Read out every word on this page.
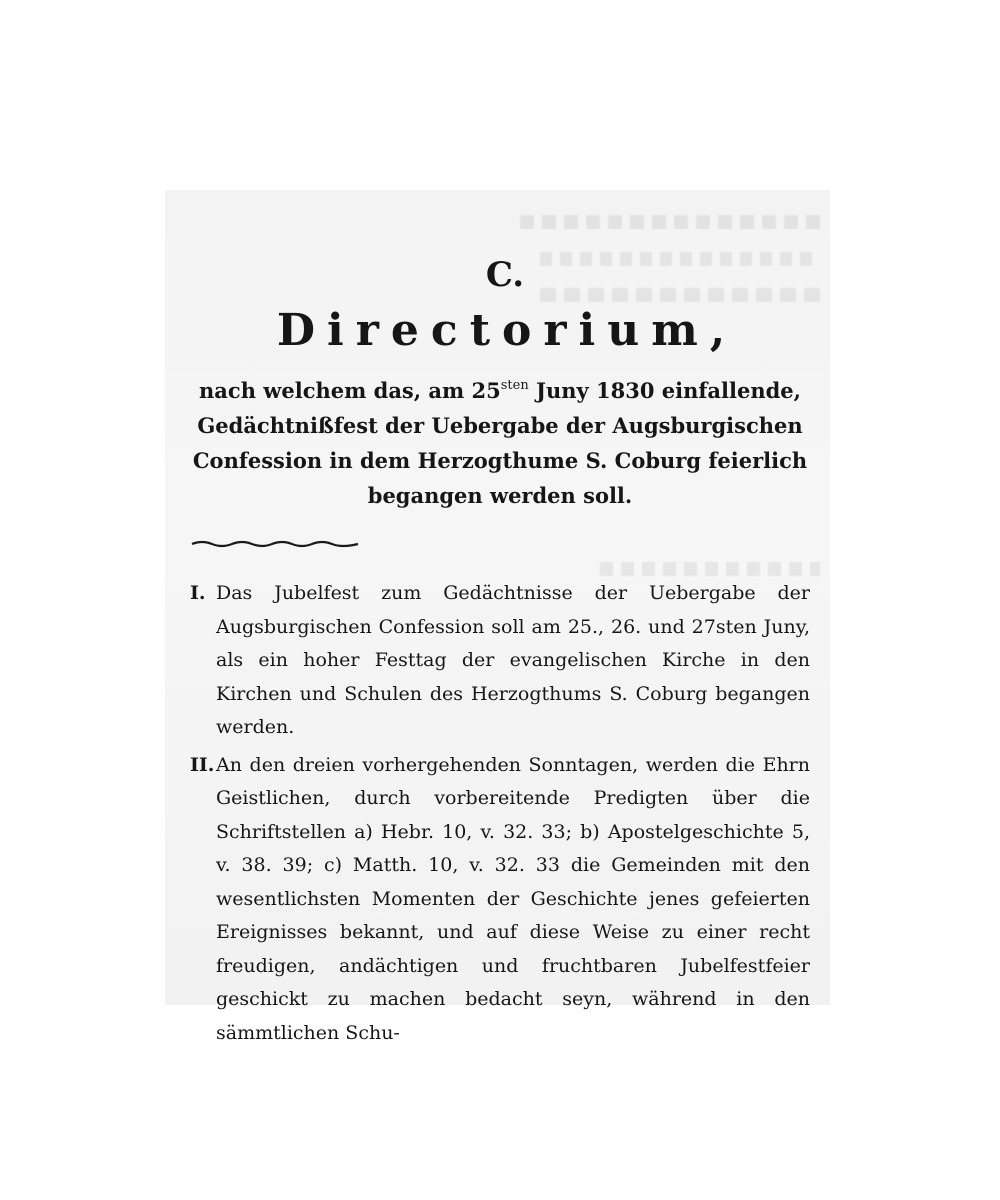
C.
Directorium,

nach welchem das, am $25^{sten}$ Juny 1830 einfallende, Gedächtnißfest der Uebergabe der Augsburgischen Confession in dem Herzogthume S. Coburg feierlich begangen werden soll.

I. Das Jubelfest zum Gedächtnisse der Uebergabe der Augsburgischen Confession soll am 25., 26. und 27sten Juny, als ein hoher Festtag der evangelischen Kirche in den Kirchen und Schulen des Herzogthums S. Coburg begangen werden.
II. An den dreien vorhergehenden Sonntagen, werden die Ehrn Geistlichen, durch vorbereitende Predigten über die Schriftstellen a) Hebr. 10, v. 32. 33; b) Apostelgeschichte 5, v. 38. 39; c) Matth. 10, v. 32. 33 die Gemeinden mit den wesentlichsten Momenten der Geschichte jenes gefeierten Ereignisses bekannt, und auf diese Weise zu einer recht freudigen, andächtigen und fruchtbaren Jubelfestfeier geschickt zu machen bedacht seyn, während in den sämmtlichen Schu-
